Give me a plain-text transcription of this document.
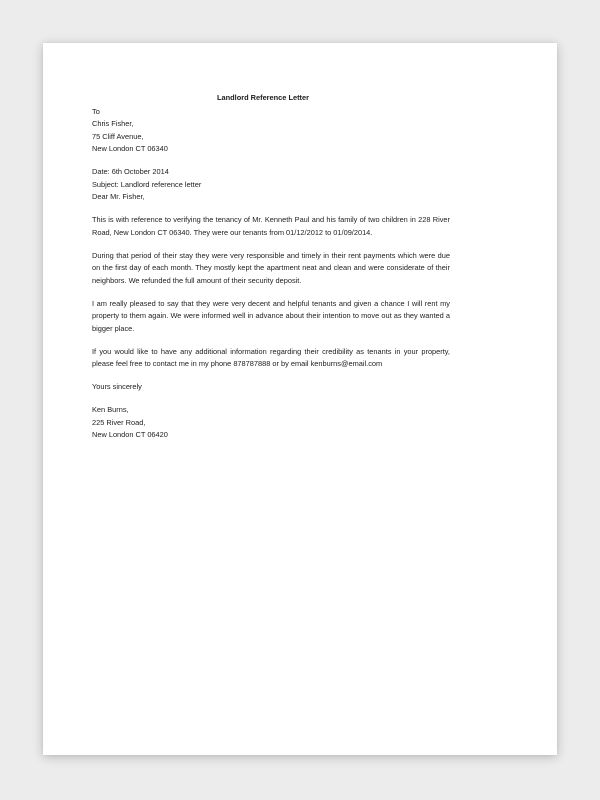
Landlord Reference Letter
To
Chris Fisher,
75 Cliff Avenue,
New London CT 06340
Date: 6th October 2014
Subject: Landlord reference letter
Dear Mr. Fisher,

This is with reference to verifying the tenancy of Mr. Kenneth Paul and his family of two children in 228 River Road, New London CT 06340. They were our tenants from 01/12/2012 to 01/09/2014.

During that period of their stay they were very responsible and timely in their rent payments which were due on the first day of each month. They mostly kept the apartment neat and clean and were considerate of their neighbors. We refunded the full amount of their security deposit.

I am really pleased to say that they were very decent and helpful tenants and given a chance I will rent my property to them again. We were informed well in advance about their intention to move out as they wanted a bigger place.

If you would like to have any additional information regarding their credibility as tenants in your property, please feel free to contact me in my phone 878787888 or by email kenburns@email.com

Yours sincerely
Ken Burns,
225 River Road,
New London CT 06420
